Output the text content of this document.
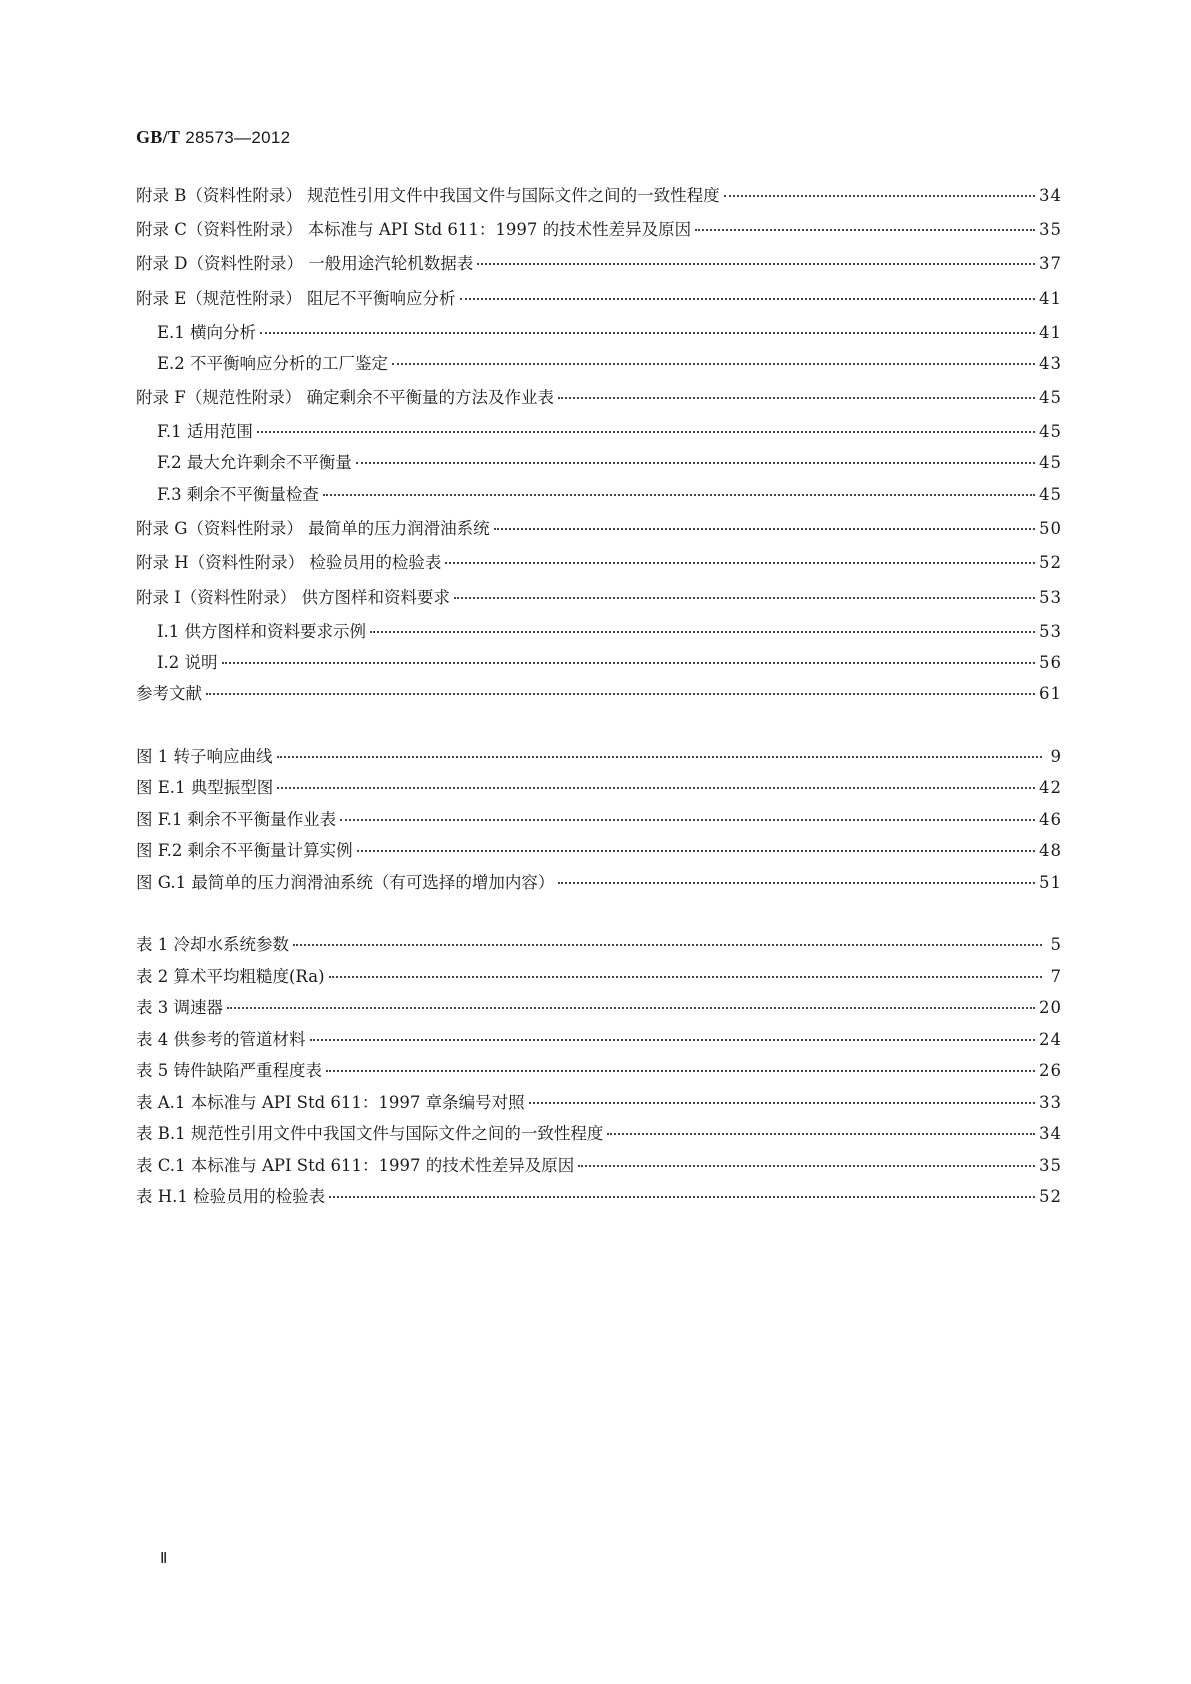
GB/T 28573—2012
附录 B（资料性附录） 规范性引用文件中我国文件与国际文件之间的一致性程度	34
附录 C（资料性附录） 本标准与 API Std 611：1997 的技术性差异及原因	35
附录 D（资料性附录） 一般用途汽轮机数据表	37
附录 E（规范性附录） 阻尼不平衡响应分析	41
E.1 横向分析	41
E.2 不平衡响应分析的工厂鉴定	43
附录 F（规范性附录） 确定剩余不平衡量的方法及作业表	45
F.1 适用范围	45
F.2 最大允许剩余不平衡量	45
F.3 剩余不平衡量检查	45
附录 G（资料性附录） 最简单的压力润滑油系统	50
附录 H（资料性附录） 检验员用的检验表	52
附录 I（资料性附录） 供方图样和资料要求	53
I.1 供方图样和资料要求示例	53
I.2 说明	56
参考文献	61
图 1 转子响应曲线	9
图 E.1 典型振型图	42
图 F.1 剩余不平衡量作业表	46
图 F.2 剩余不平衡量计算实例	48
图 G.1 最简单的压力润滑油系统（有可选择的增加内容）	51
表 1 冷却水系统参数	5
表 2 算术平均粗糙度(Ra)	7
表 3 调速器	20
表 4 供参考的管道材料	24
表 5 铸件缺陷严重程度表	26
表 A.1 本标准与 API Std 611：1997 章条编号对照	33
表 B.1 规范性引用文件中我国文件与国际文件之间的一致性程度	34
表 C.1 本标准与 API Std 611：1997 的技术性差异及原因	35
表 H.1 检验员用的检验表	52
Ⅱ
